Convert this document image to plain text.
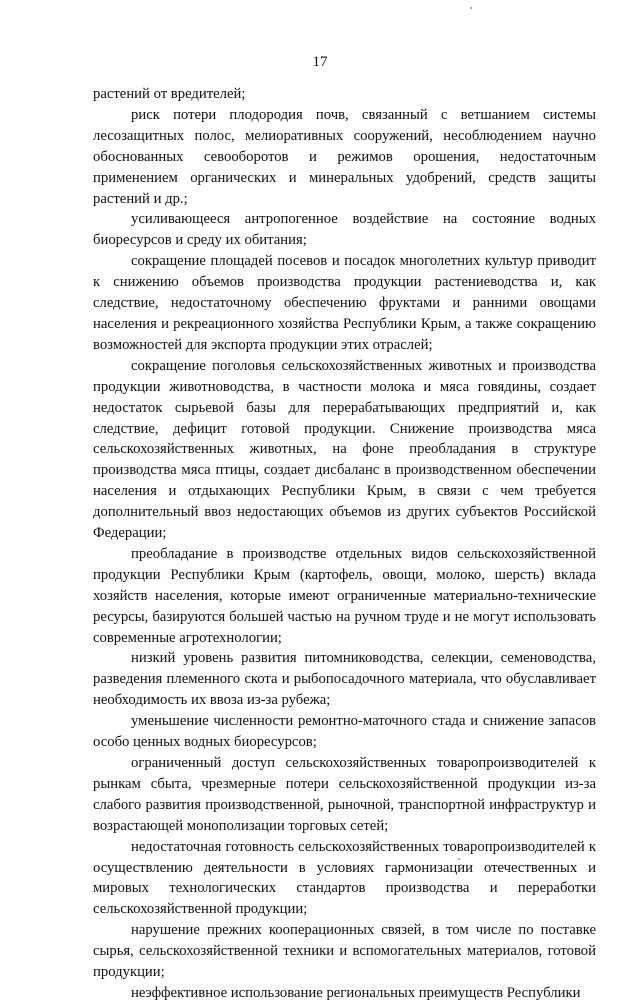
17

растений от вредителей;

риск потери плодородия почв, связанный с ветшанием системы лесозащитных полос, мелиоративных сооружений, несоблюдением научно обоснованных севооборотов и режимов орошения, недостаточным применением органических и минеральных удобрений, средств защиты растений и др.;

усиливающееся антропогенное воздействие на состояние водных биоресурсов и среду их обитания;

сокращение площадей посевов и посадок многолетних культур приводит к снижению объемов производства продукции растениеводства и, как следствие, недостаточному обеспечению фруктами и ранними овощами населения и рекреационного хозяйства Республики Крым, а также сокращению возможностей для экспорта продукции этих отраслей;

сокращение поголовья сельскохозяйственных животных и производства продукции животноводства, в частности молока и мяса говядины, создает недостаток сырьевой базы для перерабатывающих предприятий и, как следствие, дефицит готовой продукции. Снижение производства мяса сельскохозяйственных животных, на фоне преобладания в структуре производства мяса птицы, создает дисбаланс в производственном обеспечении населения и отдыхающих Республики Крым, в связи с чем требуется дополнительный ввоз недостающих объемов из других субъектов Российской Федерации;

преобладание в производстве отдельных видов сельскохозяйственной продукции Республики Крым (картофель, овощи, молоко, шерсть) вклада хозяйств населения, которые имеют ограниченные материально-технические ресурсы, базируются большей частью на ручном труде и не могут использовать современные агротехнологии;

низкий уровень развития питомниководства, селекции, семеноводства, разведения племенного скота и рыбопосадочного материала, что обуславливает необходимость их ввоза из-за рубежа;

уменьшение численности ремонтно-маточного стада и снижение запасов особо ценных водных биоресурсов;

ограниченный доступ сельскохозяйственных товаропроизводителей к рынкам сбыта, чрезмерные потери сельскохозяйственной продукции из-за слабого развития производственной, рыночной, транспортной инфраструктур и возрастающей монополизации торговых сетей;

недостаточная готовность сельскохозяйственных товаропроизводителей к осуществлению деятельности в условиях гармонизации отечественных и мировых технологических стандартов производства и переработки сельскохозяйственной продукции;

нарушение прежних кооперационных связей, в том числе по поставке сырья, сельскохозяйственной техники и вспомогательных материалов, готовой продукции;

неэффективное использование региональных преимуществ Республики
